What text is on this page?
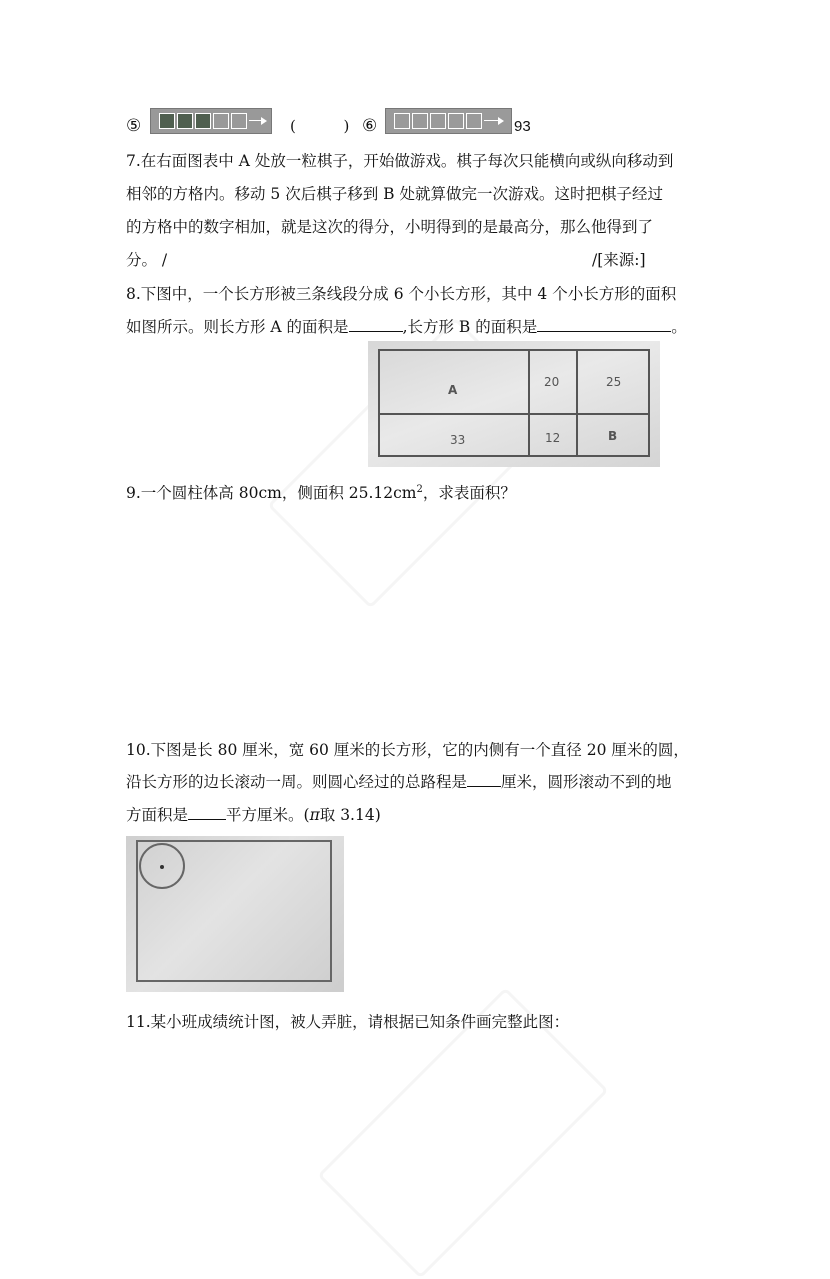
⑤	(          ) ⑥	93
7.在右面图表中 A 处放一粒棋子，开始做游戏。棋子每次只能横向或纵向移动到
相邻的方格内。移动 5 次后棋子移到 B 处就算做完一次游戏。这时把棋子经过
的方格中的数字相加，就是这次的得分，小明得到的是最高分，那么他得到了
分。 /	/[来源:]
8.下图中，一个长方形被三条线段分成 6 个小长方形，其中 4 个小长方形的面积
如图所示。则长方形 A 的面积是	,长方形 B 的面积是	。
A
20	25
33	12	B
9.一个圆柱体高 80cm，侧面积 $25.12cm^2$，求表面积？
10.下图是长 80 厘米，宽 60 厘米的长方形，它的内侧有一个直径 20 厘米的圆，
沿长方形的边长滚动一周。则圆心经过的总路程是 厘米，圆形滚动不到的地
方面积是 平方厘米。(π取 3.14)
11.某小班成绩统计图，被人弄脏，请根据已知条件画完整此图：
